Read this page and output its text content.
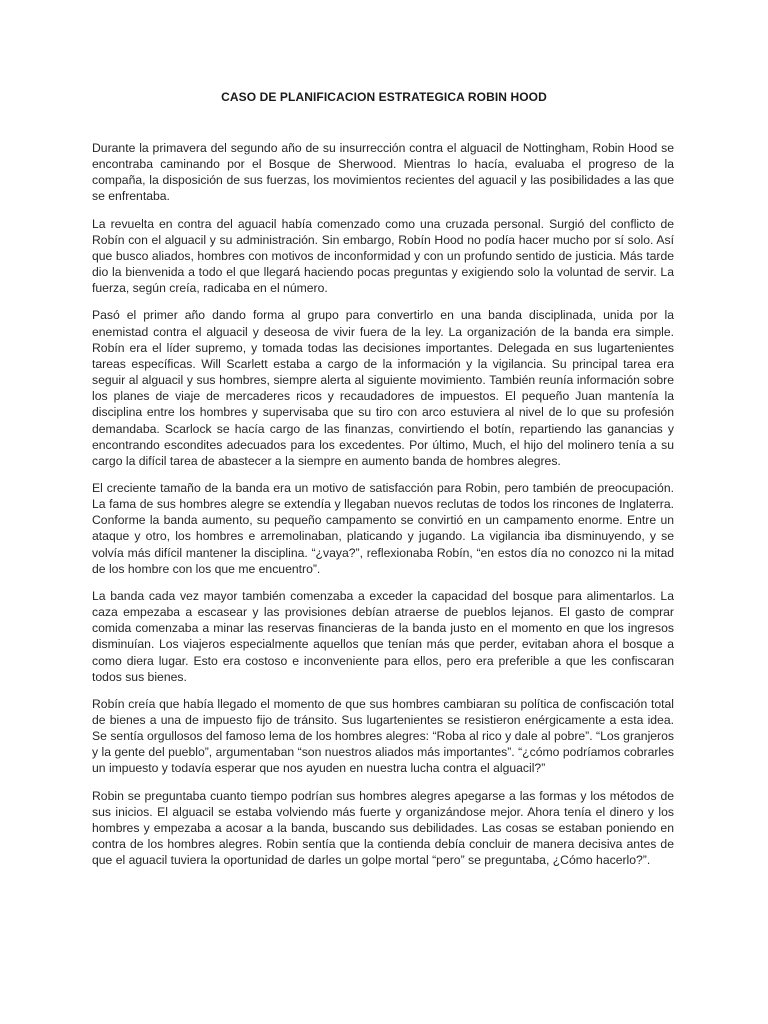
CASO DE PLANIFICACION ESTRATEGICA ROBIN HOOD

Durante la primavera del segundo año de su insurrección contra el alguacil de Nottingham, Robin Hood se encontraba caminando por el Bosque de Sherwood. Mientras lo hacía, evaluaba el progreso de la compaña, la disposición de sus fuerzas, los movimientos recientes del aguacil y las posibilidades a las que se enfrentaba.

La revuelta en contra del aguacil había comenzado como una cruzada personal. Surgió del conflicto de Robín con el alguacil y su administración. Sin embargo, Robín Hood no podía hacer mucho por sí solo. Así que busco aliados, hombres con motivos de inconformidad y con un profundo sentido de justicia. Más tarde dio la bienvenida a todo el que llegará haciendo pocas preguntas y exigiendo solo la voluntad de servir. La fuerza, según creía, radicaba en el número.

Pasó el primer año dando forma al grupo para convertirlo en una banda disciplinada, unida por la enemistad contra el alguacil y deseosa de vivir fuera de la ley. La organización de la banda era simple. Robín era el líder supremo, y tomada todas las decisiones importantes. Delegada en sus lugartenientes tareas específicas. Will Scarlett estaba a cargo de la información y la vigilancia. Su principal tarea era seguir al alguacil y sus hombres, siempre alerta al siguiente movimiento. También reunía información sobre los planes de viaje de mercaderes ricos y recaudadores de impuestos. El pequeño Juan mantenía la disciplina entre los hombres y supervisaba que su tiro con arco estuviera al nivel de lo que su profesión demandaba. Scarlock se hacía cargo de las finanzas, convirtiendo el botín, repartiendo las ganancias y encontrando escondites adecuados para los excedentes. Por último, Much, el hijo del molinero tenía a su cargo la difícil tarea de abastecer a la siempre en aumento banda de hombres alegres.

El creciente tamaño de la banda era un motivo de satisfacción para Robin, pero también de preocupación. La fama de sus hombres alegre se extendía y llegaban nuevos reclutas de todos los rincones de Inglaterra. Conforme la banda aumento, su pequeño campamento se convirtió en un campamento enorme. Entre un ataque y otro, los hombres e arremolinaban, platicando y jugando. La vigilancia iba disminuyendo, y se volvía más difícil mantener la disciplina. “¿vaya?”, reflexionaba Robín, “en estos día no conozco ni la mitad de los hombre con los que me encuentro”.

La banda cada vez mayor también comenzaba a exceder la capacidad del bosque para alimentarlos. La caza empezaba a escasear y las provisiones debían atraerse de pueblos lejanos. El gasto de comprar comida comenzaba a minar las reservas financieras de la banda justo en el momento en que los ingresos disminuían. Los viajeros especialmente aquellos que tenían más que perder, evitaban ahora el bosque a como diera lugar. Esto era costoso e inconveniente para ellos, pero era preferible a que les confiscaran todos sus bienes.

Robín creía que había llegado el momento de que sus hombres cambiaran su política de confiscación total de bienes a una de impuesto fijo de tránsito. Sus lugartenientes se resistieron enérgicamente a esta idea. Se sentía orgullosos del famoso lema de los hombres alegres: “Roba al rico y dale al pobre”. “Los granjeros y la gente del pueblo”, argumentaban “son nuestros aliados más importantes”. “¿cómo podríamos cobrarles un impuesto y todavía esperar que nos ayuden en nuestra lucha contra el alguacil?”

Robin se preguntaba cuanto tiempo podrían sus hombres alegres apegarse a las formas y los métodos de sus inicios. El alguacil se estaba volviendo más fuerte y organizándose mejor. Ahora tenía el dinero y los hombres y empezaba a acosar a la banda, buscando sus debilidades. Las cosas se estaban poniendo en contra de los hombres alegres. Robin sentía que la contienda debía concluir de manera decisiva antes de que el aguacil tuviera la oportunidad de darles un golpe mortal “pero” se preguntaba, ¿Cómo hacerlo?”.
